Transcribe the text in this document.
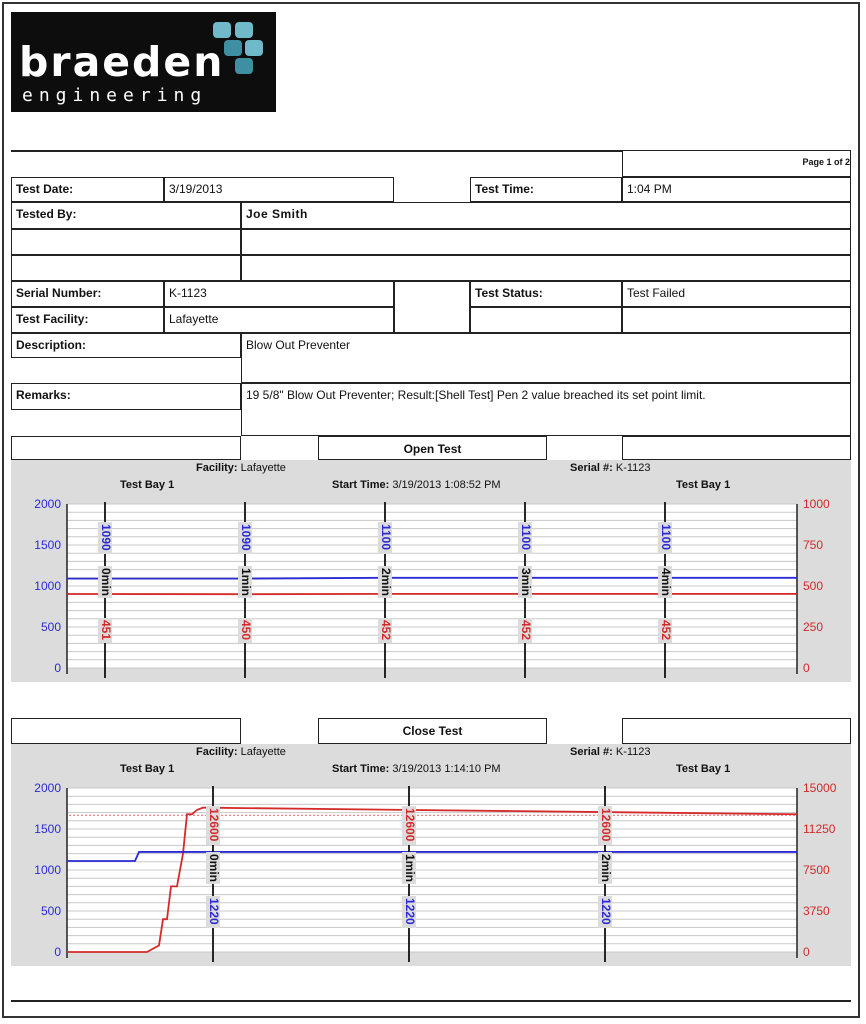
braeden
engineering
Page 1 of 2
Test Date:	3/19/2013	Test Time:	1:04 PM
Tested By:	Joe Smith
Serial Number:	K-1123	Test Status:	Test Failed
Test Facility:	Lafayette
Description:	Blow Out Preventer
Remarks:	19 5/8" Blow Out Preventer; Result:[Shell Test] Pen 2 value breached its set point limit.
Open Test
Facility: Lafayette	Serial #: K-1123
Test Bay 1	Start Time: 3/19/2013 1:08:52 PM	Test Bay 1
2000
1500
1000
500
0
1000
750
500
250
0
1090
0min
451
1090
1min
450
1100
2min
452
1100
3min
452
1100
4min
452
Close Test
Facility: Lafayette	Serial #: K-1123
Test Bay 1	Start Time: 3/19/2013 1:14:10 PM	Test Bay 1
2000
1500
1000
500
0
15000
11250
7500
3750
0
12600
0min
1220
12600
1min
1220
12600
2min
1220
